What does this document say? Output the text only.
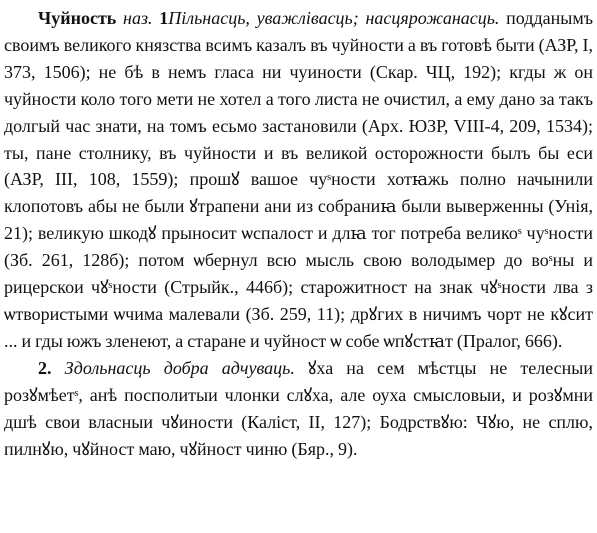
Чуйность наз. 1Пільнасць, уважлівасць; насцярожанасць. подданымъ своимъ великого князства всимъ казалъ въ чуйности а въ готовѣ быти (АЗР, I, 373, 1506); не бѣ в немъ гласа ни чуиности (Скар. ЧЦ, 192); кгды ж он чуйности коло того мети не хотел а того листа не очистил, а ему дано за такъ долгый час знати, на томъ есьмо застановили (Арх. ЮЗР, VIII-4, 209, 1534); ты, пане столнику, въ чуйности и въ великой осторожности былъ бы еси (АЗР, III, 108, 1559); прошꙋ вашое чуˢности хотꙗжь полно начынили клопотовъ абы не были ꙋтрапени ани из собраниꙗ были выверженны (Унія, 21); великую шкодꙋ прыносит ѡспалост и длꙗ тог потреба великоˢ чуˢности (Зб. 261, 128б); потом ѡбернул всю мысль свою володымер до воˢны и рицерскои чꙋˢности (Стрыйк., 446б); старожитност на знак чꙋˢности лва з ѡтвористыми ѡчима малевали (Зб. 259, 11); дрꙋгих в ничимъ чорт не кꙋсит ... и гды южъ зленеют, а старане и чуйност ѡ собе ѡпꙋстꙗт (Пралог, 666).

2. Здольнасць добра адчуваць. ꙋха на сем мѣстцы не телесныи розꙋмѣетˢ, анѣ посполитыи члонки слꙋха, але оуха смысловыи, и розꙋмни дшѣ свои власныи чꙋиности (Каліст, II, 127); Бодрствꙋю: Чꙋю, не сплю, пилнꙋю, чꙋйност маю, чꙋйност чиню (Бяр., 9).
